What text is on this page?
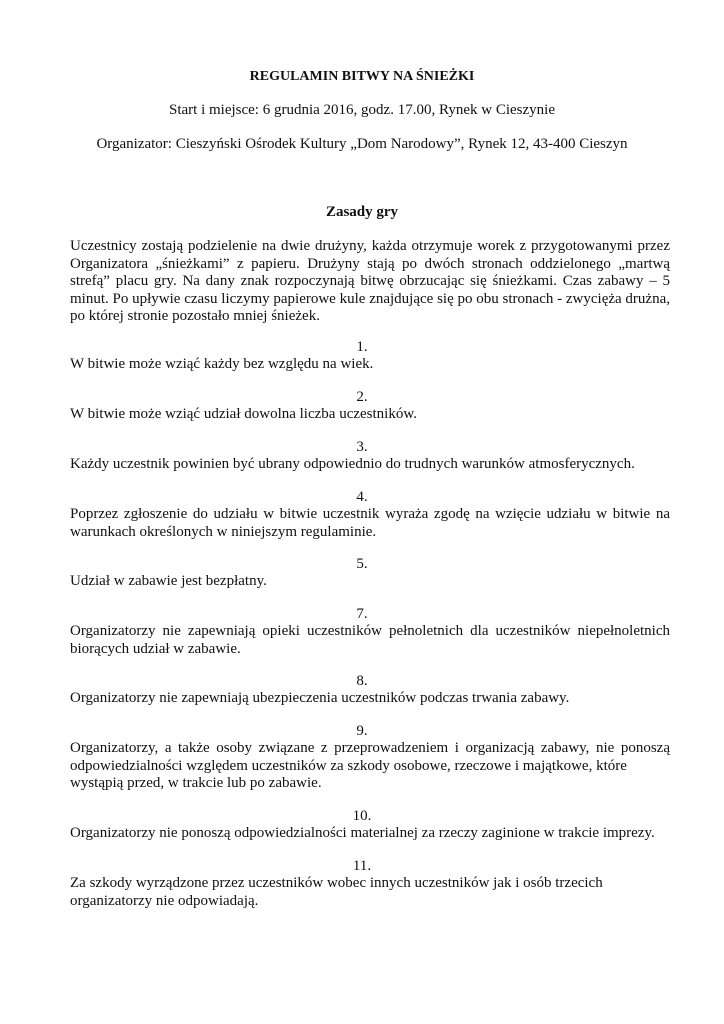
REGULAMIN BITWY NA ŚNIEŻKI
Start i miejsce: 6 grudnia 2016, godz. 17.00, Rynek w Cieszynie
Organizator: Cieszyński Ośrodek Kultury „Dom Narodowy”, Rynek 12, 43-400 Cieszyn
Zasady gry
Uczestnicy zostają podzielenie na dwie drużyny, każda otrzymuje worek z przygotowanymi przez
Organizatora „śnieżkami” z papieru. Drużyny stają po dwóch stronach oddzielonego „martwą
strefą” placu gry. Na dany znak rozpoczynają bitwę obrzucając się śnieżkami. Czas zabawy – 5
minut. Po upływie czasu liczymy papierowe kule znajdujące się po obu stronach - zwycięża drużna,
po której stronie pozostało mniej śnieżek.
1.
W bitwie może wziąć każdy bez względu na wiek.
2.
W bitwie może wziąć udział dowolna liczba uczestników.
3.
Każdy uczestnik powinien być ubrany odpowiednio do trudnych warunków atmosferycznych.
4.
Poprzez zgłoszenie do udziału w bitwie uczestnik wyraża zgodę na wzięcie udziału w bitwie na
warunkach określonych w niniejszym regulaminie.
5.
Udział w zabawie jest bezpłatny.
7.
Organizatorzy nie zapewniają opieki uczestników pełnoletnich dla uczestników niepełnoletnich
biorących udział w zabawie.
8.
Organizatorzy nie zapewniają ubezpieczenia uczestników podczas trwania zabawy.
9.
Organizatorzy, a także osoby związane z przeprowadzeniem i organizacją zabawy, nie ponoszą
odpowiedzialności względem uczestników za szkody osobowe, rzeczowe i majątkowe, które
wystąpią przed, w trakcie lub po zabawie.
10.
Organizatorzy nie ponoszą odpowiedzialności materialnej za rzeczy zaginione w trakcie imprezy.
11.
Za szkody wyrządzone przez uczestników wobec innych uczestników jak i osób trzecich
organizatorzy nie odpowiadają.
